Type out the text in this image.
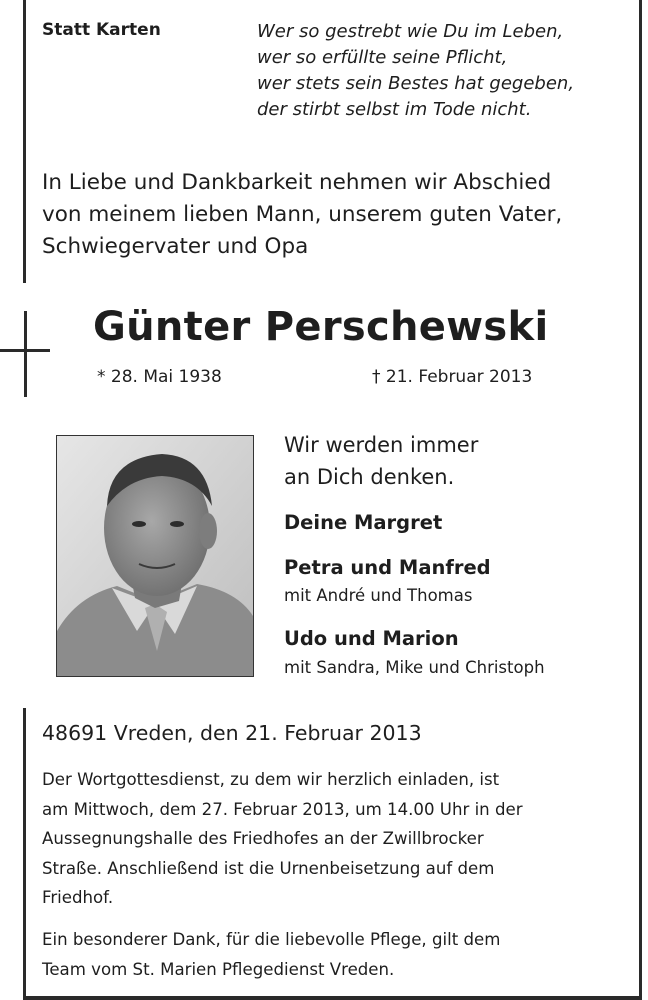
Statt Karten	Wer so gestrebt wie Du im Leben,
wer so erfüllte seine Pflicht,
wer stets sein Bestes hat gegeben,
der stirbt selbst im Tode nicht.
In Liebe und Dankbarkeit nehmen wir Abschied
von meinem lieben Mann, unserem guten Vater,
Schwiegervater und Opa
Günter Perschewski
* 28. Mai 1938	† 21. Februar 2013
Wir werden immer
an Dich denken.
Deine Margret
Petra und Manfred
mit André und Thomas
Udo und Marion
mit Sandra, Mike und Christoph
48691 Vreden, den 21. Februar 2013
Der Wortgottesdienst, zu dem wir herzlich einladen, ist
am Mittwoch, dem 27. Februar 2013, um 14.00 Uhr in der
Aussegnungshalle des Friedhofes an der Zwillbrocker
Straße. Anschließend ist die Urnenbeisetzung auf dem
Friedhof.
Ein besonderer Dank, für die liebevolle Pflege, gilt dem
Team vom St. Marien Pflegedienst Vreden.
